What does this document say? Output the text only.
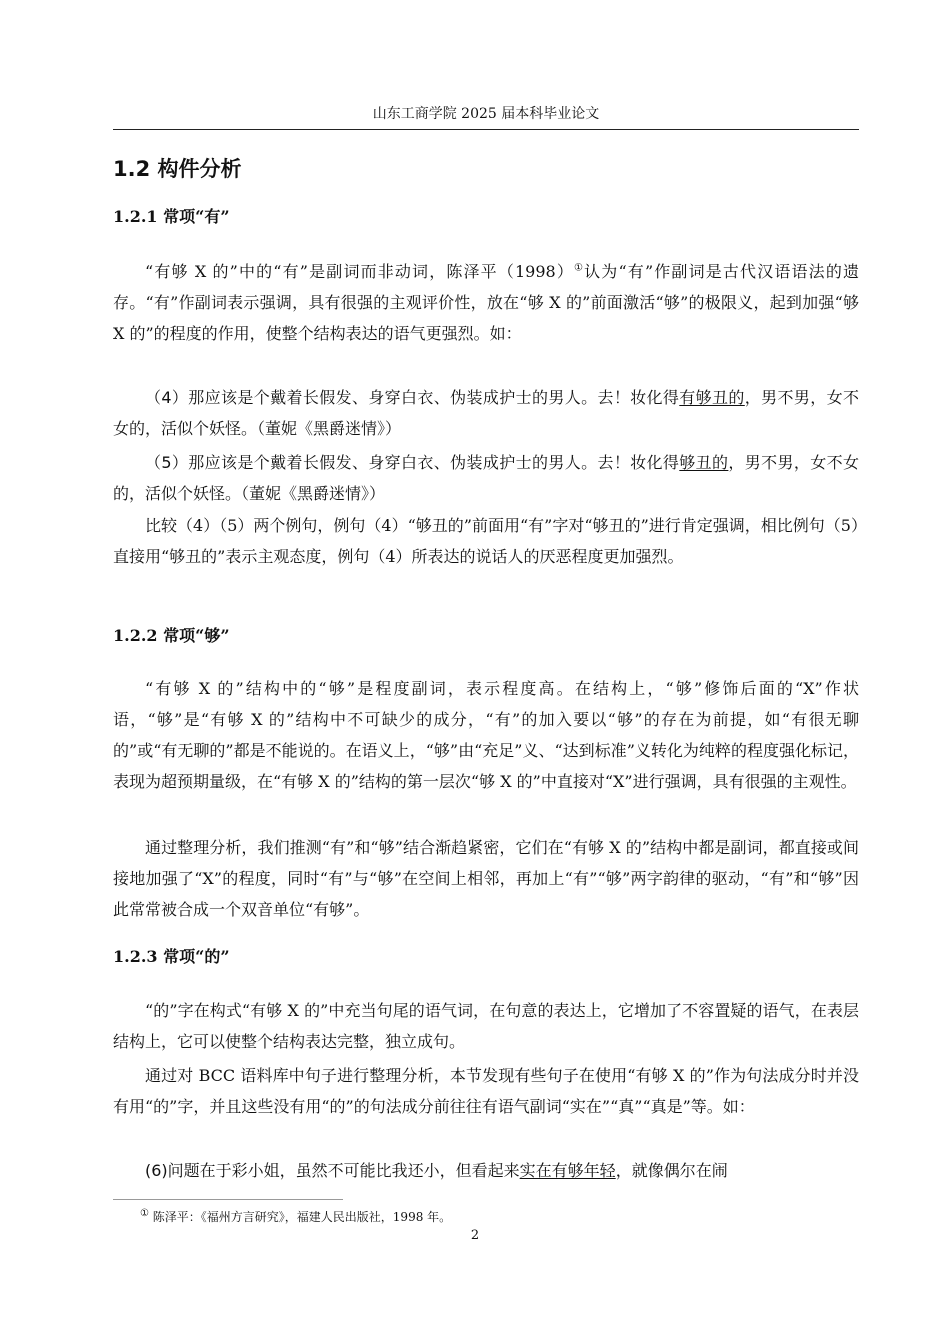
山东工商学院 2025 届本科毕业论文
1.2 构件分析
1.2.1 常项“有”

“有够 X 的”中的“有”是副词而非动词，陈泽平（1998）①认为“有”作副词是古代汉语语法的遗存。“有”作副词表示强调，具有很强的主观评价性，放在“够 X 的”前面激活“够”的极限义，起到加强“够 X 的”的程度的作用，使整个结构表达的语气更强烈。如：

（4）那应该是个戴着长假发、身穿白衣、伪装成护士的男人。去！妆化得有够丑的，男不男，女不女的，活似个妖怪。（董妮《黑爵迷情》）

（5）那应该是个戴着长假发、身穿白衣、伪装成护士的男人。去！妆化得够丑的，男不男，女不女的，活似个妖怪。（董妮《黑爵迷情》）

比较（4）（5）两个例句，例句（4）“够丑的”前面用“有”字对“够丑的”进行肯定强调，相比例句（5）直接用“够丑的”表示主观态度，例句（4）所表达的说话人的厌恶程度更加强烈。

1.2.2 常项“够”

“有够 X 的”结构中的“够”是程度副词，表示程度高。在结构上，“够”修饰后面的“X”作状语，“够”是“有够 X 的”结构中不可缺少的成分，“有”的加入要以“够”的存在为前提，如“有很无聊的”或“有无聊的”都是不能说的。在语义上，“够”由“充足”义、“达到标准”义转化为纯粹的程度强化标记，表现为超预期量级，在“有够 X 的”结构的第一层次“够 X 的”中直接对“X”进行强调，具有很强的主观性。

通过整理分析，我们推测“有”和“够”结合渐趋紧密，它们在“有够 X 的”结构中都是副词，都直接或间接地加强了“X”的程度，同时“有”与“够”在空间上相邻，再加上“有”“够”两字韵律的驱动，“有”和“够”因此常常被合成一个双音单位“有够”。

1.2.3 常项“的”

“的”字在构式“有够 X 的”中充当句尾的语气词，在句意的表达上，它增加了不容置疑的语气，在表层结构上，它可以使整个结构表达完整，独立成句。

通过对 BCC 语料库中句子进行整理分析，本节发现有些句子在使用“有够 X 的”作为句法成分时并没有用“的”字，并且这些没有用“的”的句法成分前往往有语气副词“实在”“真”“真是”等。如：

(6)问题在于彩小姐，虽然不可能比我还小，但看起来实在有够年轻，就像偶尔在闹

① 陈泽平：《福州方言研究》，福建人民出版社，1998 年。
2
